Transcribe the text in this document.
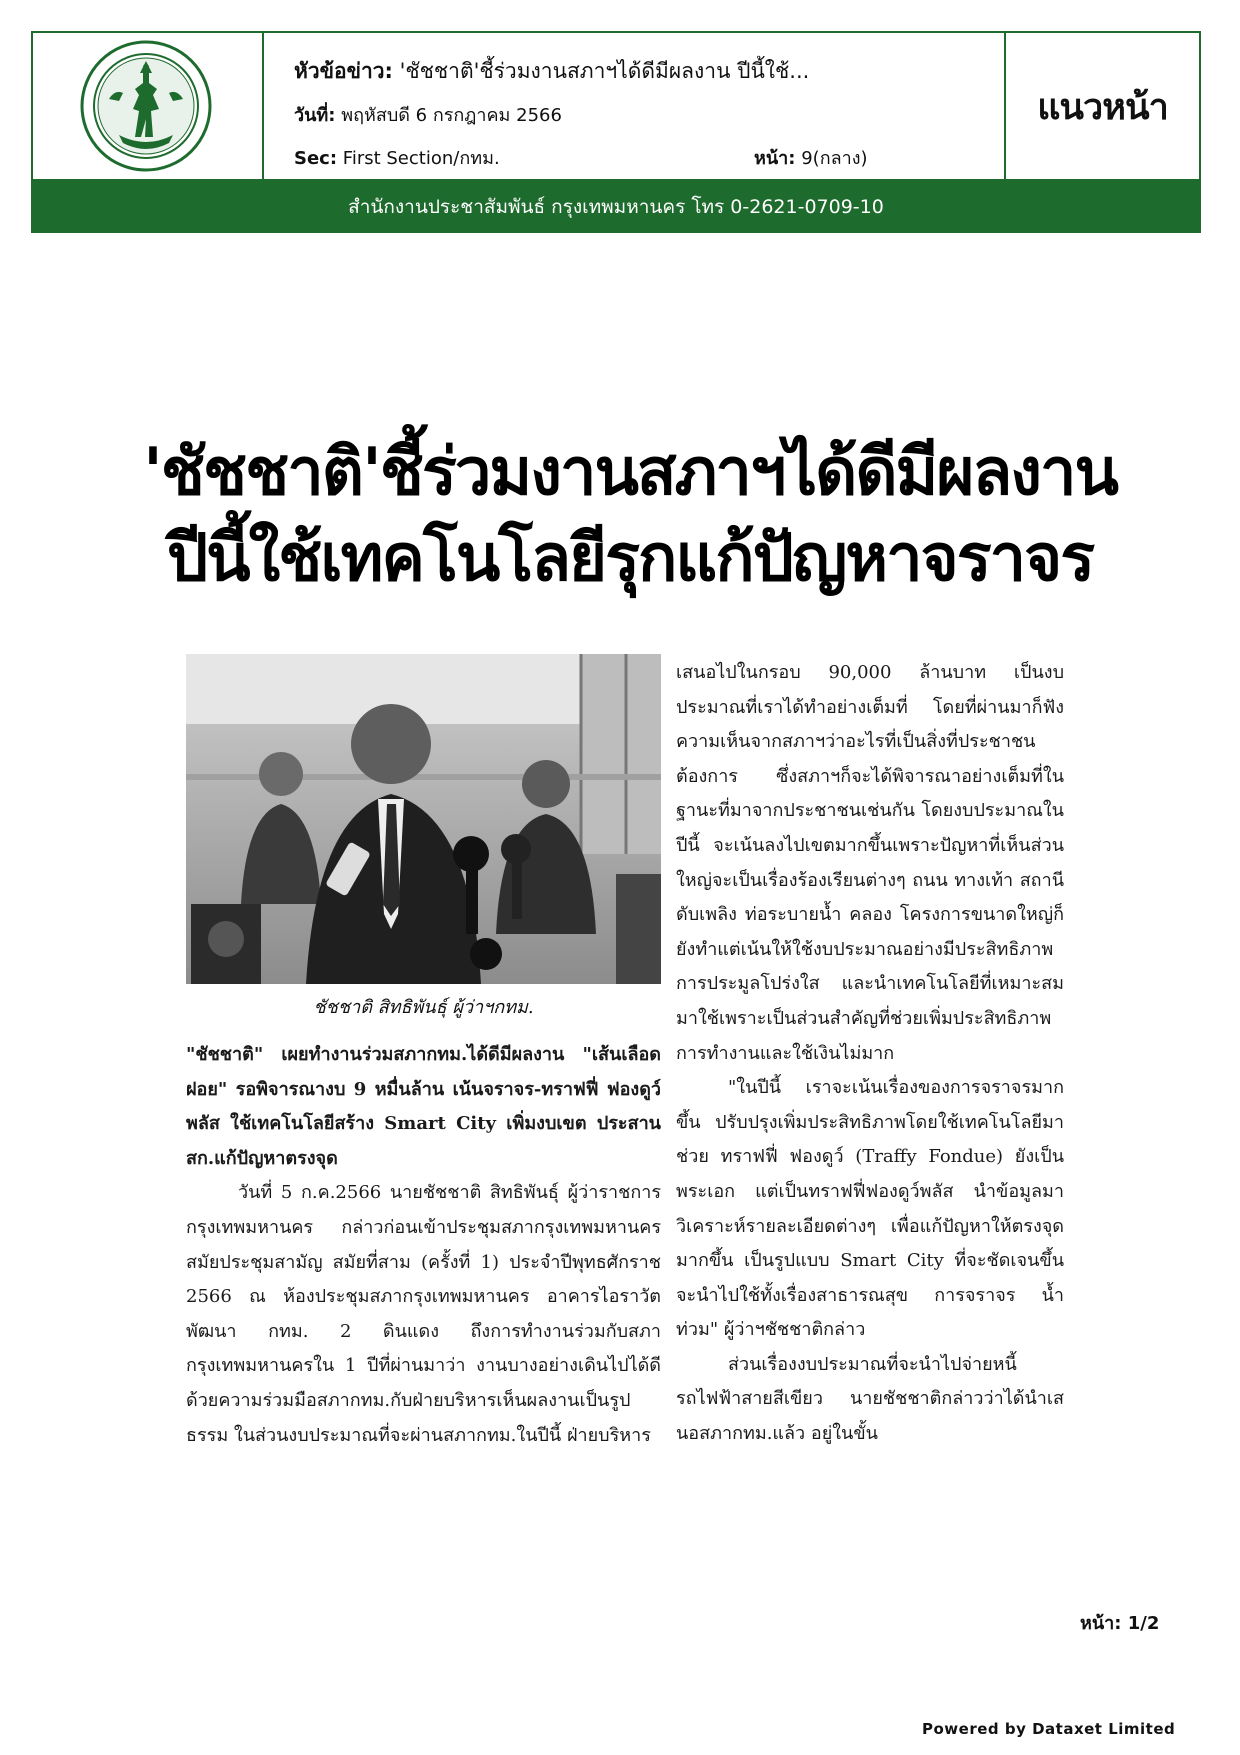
หัวข้อข่าว: 'ชัชชาติ'ชี้ร่วมงานสภาฯได้ดีมีผลงาน ปีนี้ใช้...
วันที่: พฤหัสบดี 6 กรกฎาคม 2566
Sec: First Section/กทม.	หน้า: 9(กลาง)
แนวหน้า
สำนักงานประชาสัมพันธ์ กรุงเทพมหานคร โทร 0-2621-0709-10
'ชัชชาติ'ชี้ร่วมงานสภาฯได้ดีมีผลงาน
ปีนี้ใช้เทคโนโลยีรุกแก้ปัญหาจราจร
ชัชชาติ สิทธิพันธุ์ ผู้ว่าฯกทม.

"ชัชชาติ" เผยทำงานร่วมสภากทม.ได้ดีมีผลงาน "เส้นเลือดฝอย" รอพิจารณางบ 9 หมื่นล้าน เน้นจราจร-ทราฟฟี่ ฟองดูว์พลัส ใช้เทคโนโลยีสร้าง Smart City เพิ่มงบเขต ประสาน สก.แก้ปัญหาตรงจุด

วันที่ 5 ก.ค.2566 นายชัชชาติ สิทธิพันธุ์ ผู้ว่าราชการกรุงเทพมหานคร กล่าวก่อนเข้าประชุมสภากรุงเทพมหานคร สมัยประชุมสามัญ สมัยที่สาม (ครั้งที่ 1) ประจำปีพุทธศักราช 2566 ณ ห้องประชุมสภากรุงเทพมหานคร อาคารไอราวัตพัฒนา กทม. 2 ดินแดง ถึงการทำงานร่วมกับสภากรุงเทพมหานครใน 1 ปีที่ผ่านมาว่า งานบางอย่างเดินไปได้ดีด้วยความร่วมมือสภากทม.กับฝ่ายบริหารเห็นผลงานเป็นรูปธรรม ในส่วนงบประมาณที่จะผ่านสภากทม.ในปีนี้ ฝ่ายบริหาร

เสนอไปในกรอบ 90,000 ล้านบาท เป็นงบประมาณที่เราได้ทำอย่างเต็มที่ โดยที่ผ่านมาก็ฟังความเห็นจากสภาฯว่าอะไรที่เป็นสิ่งที่ประชาชนต้องการ ซึ่งสภาฯก็จะได้พิจารณาอย่างเต็มที่ในฐานะที่มาจากประชาชนเช่นกัน โดยงบประมาณในปีนี้ จะเน้นลงไปเขตมากขึ้นเพราะปัญหาที่เห็นส่วนใหญ่จะเป็นเรื่องร้องเรียนต่างๆ ถนน ทางเท้า สถานีดับเพลิง ท่อระบายน้ำ คลอง โครงการขนาดใหญ่ก็ยังทำแต่เน้นให้ใช้งบประมาณอย่างมีประสิทธิภาพ การประมูลโปร่งใส และนำเทคโนโลยีที่เหมาะสมมาใช้เพราะเป็นส่วนสำคัญที่ช่วยเพิ่มประสิทธิภาพการทำงานและใช้เงินไม่มาก

"ในปีนี้ เราจะเน้นเรื่องของการจราจรมากขึ้น ปรับปรุงเพิ่มประสิทธิภาพโดยใช้เทคโนโลยีมาช่วย ทราฟฟี่ ฟองดูว์ (Traffy Fondue) ยังเป็นพระเอก แต่เป็นทราฟฟี่ฟองดูว์พลัส นำข้อมูลมาวิเคราะห์รายละเอียดต่างๆ เพื่อแก้ปัญหาให้ตรงจุดมากขึ้น เป็นรูปแบบ Smart City ที่จะชัดเจนขึ้น จะนำไปใช้ทั้งเรื่องสาธารณสุข การจราจร น้ำท่วม" ผู้ว่าฯชัชชาติกล่าว

ส่วนเรื่องงบประมาณที่จะนำไปจ่ายหนี้รถไฟฟ้าสายสีเขียว นายชัชชาติกล่าวว่าได้นำเสนอสภากทม.แล้ว อยู่ในขั้น

หน้า: 1/2
Powered by Dataxet Limited
